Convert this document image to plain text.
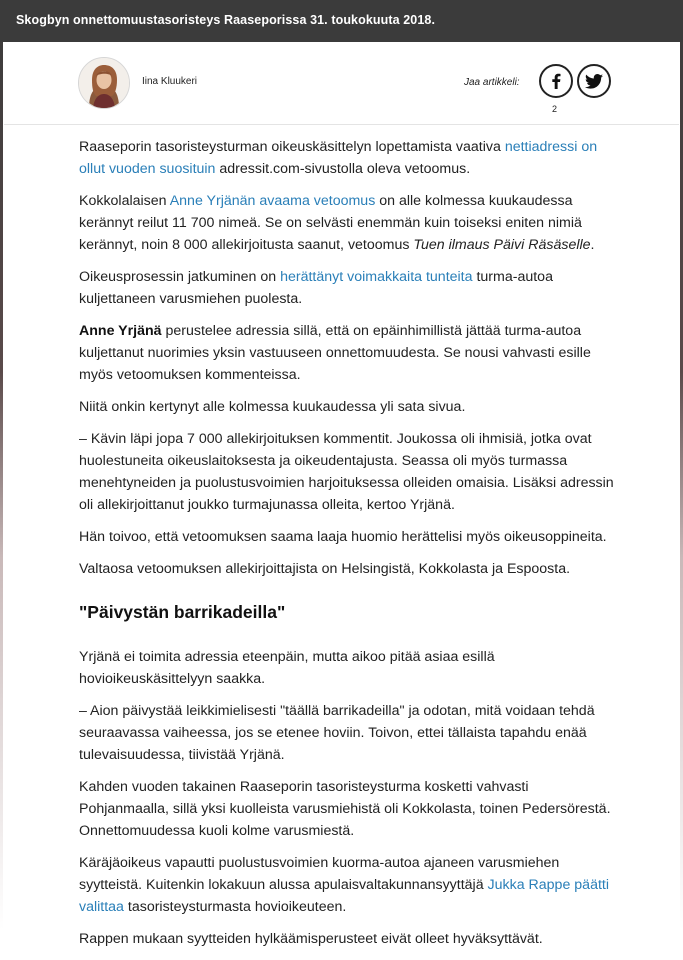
Skogbyn onnettomuustasoristeys Raaseporissa 31. toukokuuta 2018.
Iina Kluukeri	Jaa artikkeli:
2

Raaseporin tasoristeysturman oikeuskäsittelyn lopettamista vaativa nettiadressi on ollut vuoden suosituin adressit.com-sivustolla oleva vetoomus.

Kokkolalaisen Anne Yrjänän avaama vetoomus on alle kolmessa kuukaudessa kerännyt reilut 11 700 nimeä. Se on selvästi enemmän kuin toiseksi eniten nimiä kerännyt, noin 8 000 allekirjoitusta saanut, vetoomus Tuen ilmaus Päivi Räsäselle.

Oikeusprosessin jatkuminen on herättänyt voimakkaita tunteita turma-autoa kuljettaneen varusmiehen puolesta.

Anne Yrjänä perustelee adressia sillä, että on epäinhimillistä jättää turma-autoa kuljettanut nuorimies yksin vastuuseen onnettomuudesta. Se nousi vahvasti esille myös vetoomuksen kommenteissa.

Niitä onkin kertynyt alle kolmessa kuukaudessa yli sata sivua.

– Kävin läpi jopa 7 000 allekirjoituksen kommentit. Joukossa oli ihmisiä, jotka ovat huolestuneita oikeuslaitoksesta ja oikeudentajusta. Seassa oli myös turmassa menehtyneiden ja puolustusvoimien harjoituksessa olleiden omaisia. Lisäksi adressin oli allekirjoittanut joukko turmajunassa olleita, kertoo Yrjänä.

Hän toivoo, että vetoomuksen saama laaja huomio herättelisi myös oikeusoppineita.

Valtaosa vetoomuksen allekirjoittajista on Helsingistä, Kokkolasta ja Espoosta.

"Päivystän barrikadeilla"

Yrjänä ei toimita adressia eteenpäin, mutta aikoo pitää asiaa esillä hovioikeuskäsittelyyn saakka.

– Aion päivystää leikkimielisesti "täällä barrikadeilla" ja odotan, mitä voidaan tehdä seuraavassa vaiheessa, jos se etenee hoviin. Toivon, ettei tällaista tapahdu enää tulevaisuudessa, tiivistää Yrjänä.

Kahden vuoden takainen Raaseporin tasoristeysturma kosketti vahvasti Pohjanmaalla, sillä yksi kuolleista varusmiehistä oli Kokkolasta, toinen Pedersörestä. Onnettomuudessa kuoli kolme varusmiestä.

Käräjäoikeus vapautti puolustusvoimien kuorma-autoa ajaneen varusmiehen syytteistä. Kuitenkin lokakuun alussa apulaisvaltakunnansyyttäjä Jukka Rappe päätti valittaa tasoristeysturmasta hovioikeuteen.

Rappen mukaan syytteiden hylkäämisperusteet eivät olleet hyväksyttävät.
